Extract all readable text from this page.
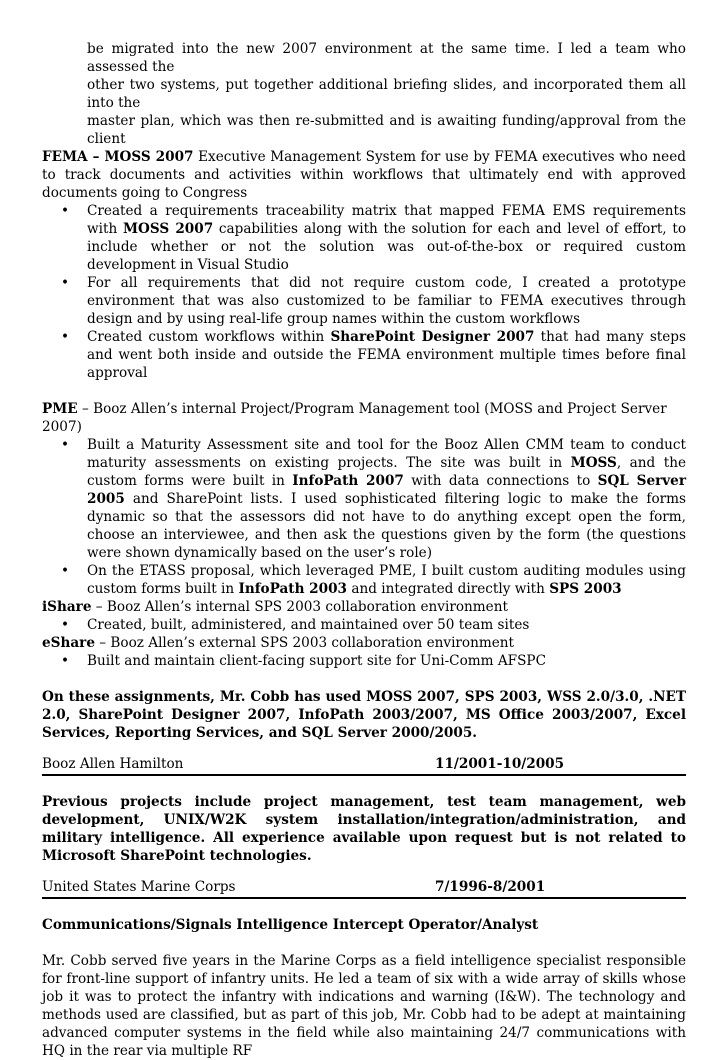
be migrated into the new 2007 environment at the same time. I led a team who assessed the
other two systems, put together additional briefing slides, and incorporated them all into the
master plan, which was then re-submitted and is awaiting funding/approval from the client
FEMA – MOSS 2007 Executive Management System for use by FEMA executives who need to track documents and activities within workflows that ultimately end with approved documents going to Congress
• Created a requirements traceability matrix that mapped FEMA EMS requirements with MOSS 2007 capabilities along with the solution for each and level of effort, to include whether or not the solution was out-of-the-box or required custom development in Visual Studio
• For all requirements that did not require custom code, I created a prototype environment that was also customized to be familiar to FEMA executives through design and by using real-life group names within the custom workflows
• Created custom workflows within SharePoint Designer 2007 that had many steps and went both inside and outside the FEMA environment multiple times before final approval
PME – Booz Allen’s internal Project/Program Management tool (MOSS and Project Server 2007)
• Built a Maturity Assessment site and tool for the Booz Allen CMM team to conduct maturity assessments on existing projects. The site was built in MOSS, and the custom forms were built in InfoPath 2007 with data connections to SQL Server 2005 and SharePoint lists. I used sophisticated filtering logic to make the forms dynamic so that the assessors did not have to do anything except open the form, choose an interviewee, and then ask the questions given by the form (the questions were shown dynamically based on the user’s role)
• On the ETASS proposal, which leveraged PME, I built custom auditing modules using custom forms built in InfoPath 2003 and integrated directly with SPS 2003
iShare – Booz Allen’s internal SPS 2003 collaboration environment
• Created, built, administered, and maintained over 50 team sites
eShare – Booz Allen’s external SPS 2003 collaboration environment
• Built and maintain client-facing support site for Uni-Comm AFSPC
On these assignments, Mr. Cobb has used MOSS 2007, SPS 2003, WSS 2.0/3.0, .NET 2.0, SharePoint Designer 2007, InfoPath 2003/2007, MS Office 2003/2007, Excel Services, Reporting Services, and SQL Server 2000/2005.
Booz Allen Hamilton	11/2001-10/2005
Previous projects include project management, test team management, web development, UNIX/W2K system installation/integration/administration, and military intelligence. All experience available upon request but is not related to Microsoft SharePoint technologies.
United States Marine Corps	7/1996-8/2001
Communications/Signals Intelligence Intercept Operator/Analyst
Mr. Cobb served five years in the Marine Corps as a field intelligence specialist responsible for front-line support of infantry units. He led a team of six with a wide array of skills whose job it was to protect the infantry with indications and warning (I&W). The technology and methods used are classified, but as part of this job, Mr. Cobb had to be adept at maintaining advanced computer systems in the field while also maintaining 24/7 communications with HQ in the rear via multiple RF
